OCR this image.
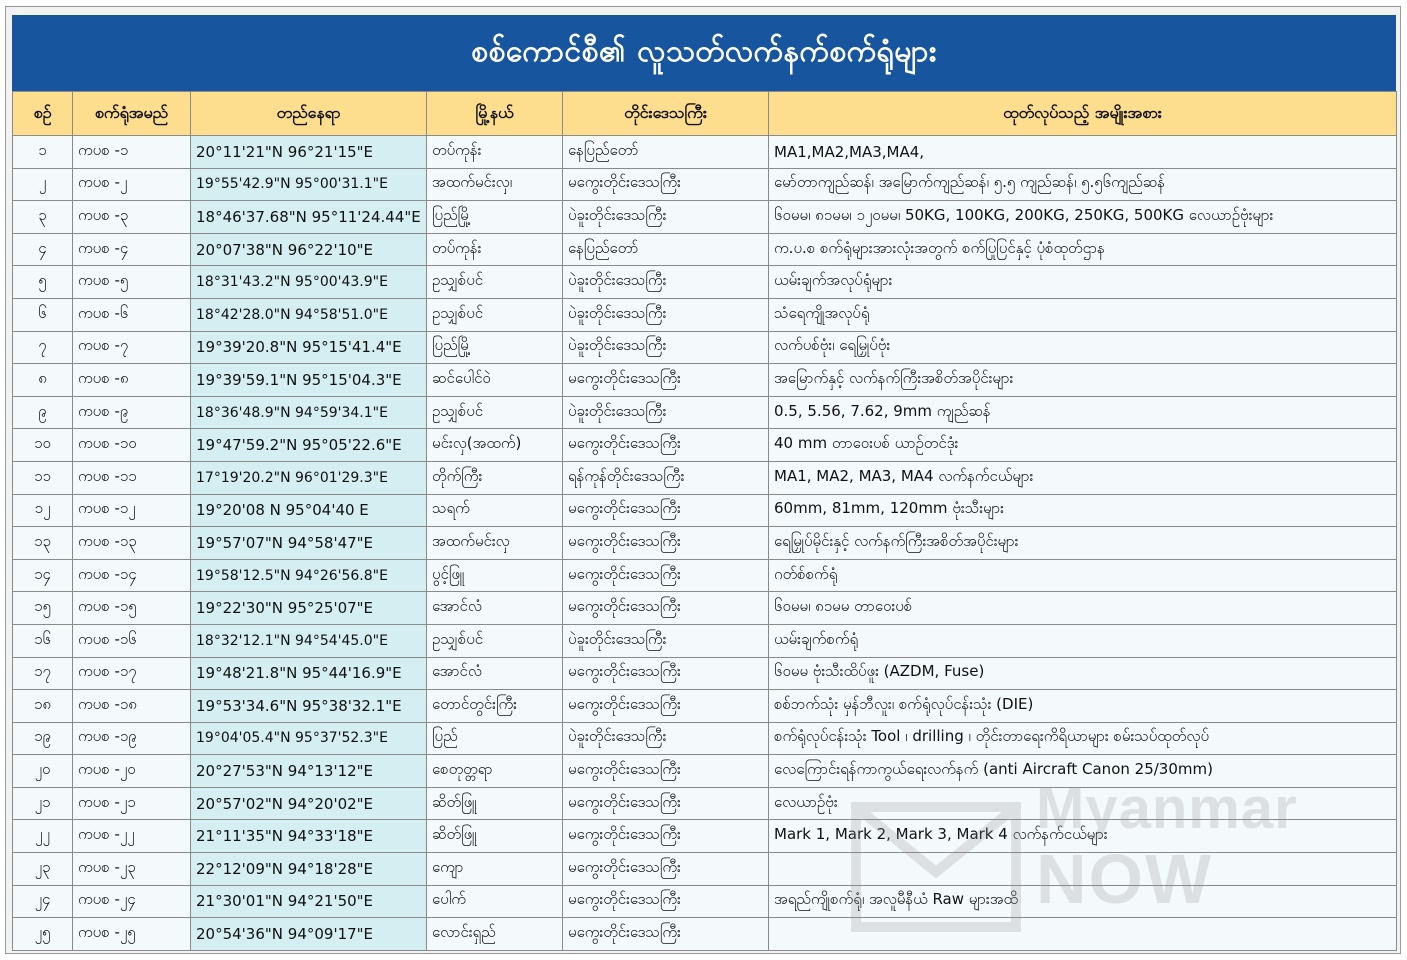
စစ်ကောင်စီ၏ လူသတ်လက်နက်စက်ရုံများ
စဉ်	စက်ရုံအမည်	တည်နေရာ	မြို့နယ်	တိုင်းဒေသကြီး	ထုတ်လုပ်သည့် အမျိုးအစား
၁	ကပစ -၁	20°11'21"N 96°21'15"E	တပ်ကုန်း	နေပြည်တော်	MA1,MA2,MA3,MA4,
၂	ကပစ -၂	19°55'42.9"N 95°00'31.1"E	အထက်မင်းလှ၊	မကွေးတိုင်းဒေသကြီး	မော်တာကျည်ဆန်၊ အမြောက်ကျည်ဆန်၊ ၅.၅ ကျည်ဆန်၊ ၅.၅၆ကျည်ဆန်
၃	ကပစ -၃	18°46'37.68"N 95°11'24.44"E	ပြည်မြို့	ပဲခူးတိုင်းဒေသကြီး	၆၀မမ၊ ၈၁မမ၊ ၁၂၀မမ၊ 50KG, 100KG, 200KG, 250KG, 500KG လေယာဉ်ဗုံးများ
၄	ကပစ -၄	20°07'38"N 96°22'10"E	တပ်ကုန်း	နေပြည်တော်	က.ပ.စ စက်ရုံများအားလုံးအတွက် စက်ပြုပြင်နှင့် ပုံစံထုတ်ဌာန
၅	ကပစ -၅	18°31'43.2"N 95°00'43.9"E	ဥသျှစ်ပင်	ပဲခူးတိုင်းဒေသကြီး	ယမ်းချက်အလုပ်ရုံများ
၆	ကပစ -၆	18°42'28.0"N 94°58'51.0"E	ဥသျှစ်ပင်	ပဲခူးတိုင်းဒေသကြီး	သံရေကျိုအလုပ်ရုံ
၇	ကပစ -၇	19°39'20.8"N 95°15'41.4"E	ပြည်မြို့	ပဲခူးတိုင်းဒေသကြီး	လက်ပစ်ဗုံး၊ ရေမြှုပ်ဗုံး
၈	ကပစ -၈	19°39'59.1"N 95°15'04.3"E	ဆင်ပေါင်ဝဲ	မကွေးတိုင်းဒေသကြီး	အမြောက်နှင့် လက်နက်ကြီးအစိတ်အပိုင်းများ
၉	ကပစ -၉	18°36'48.9"N 94°59'34.1"E	ဥသျှစ်ပင်	ပဲခူးတိုင်းဒေသကြီး	0.5, 5.56, 7.62, 9mm ကျည်ဆန်
၁၀	ကပစ -၁၀	19°47'59.2"N 95°05'22.6"E	မင်းလှ(အထက်)	မကွေးတိုင်းဒေသကြီး	40 mm တာဝေးပစ် ယာဉ်တင်ဒုံး
၁၁	ကပစ -၁၁	17°19'20.2"N 96°01'29.3"E	တိုက်ကြီး	ရန်ကုန်တိုင်းဒေသကြီး	MA1, MA2, MA3, MA4 လက်နက်ငယ်များ
၁၂	ကပစ -၁၂	19°20'08 N 95°04'40 E	သရက်	မကွေးတိုင်းဒေသကြီး	60mm, 81mm, 120mm ဗုံးသီးများ
၁၃	ကပစ -၁၃	19°57'07"N 94°58'47"E	အထက်မင်းလှ	မကွေးတိုင်းဒေသကြီး	ရေမြှုပ်မိုင်းနှင့် လက်နက်ကြီးအစိတ်အပိုင်းများ
၁၄	ကပစ -၁၄	19°58'12.5"N 94°26'56.8"E	ပွင့်ဖြူ	မကွေးတိုင်းဒေသကြီး	ဂတ်စ်စက်ရုံ
၁၅	ကပစ -၁၅	19°22'30"N 95°25'07"E	အောင်လံ	မကွေးတိုင်းဒေသကြီး	၆၀မမ၊ ၈၁မမ တာဝေးပစ်
၁၆	ကပစ -၁၆	18°32'12.1"N 94°54'45.0"E	ဥသျှစ်ပင်	ပဲခူးတိုင်းဒေသကြီး	ယမ်းချက်စက်ရုံ
၁၇	ကပစ -၁၇	19°48'21.8"N 95°44'16.9"E	အောင်လံ	မကွေးတိုင်းဒေသကြီး	၆၀မမ ဗုံးသီးထိပ်ဖူး (AZDM, Fuse)
၁၈	ကပစ -၁၈	19°53'34.6"N 95°38'32.1"E	တောင်တွင်းကြီး	မကွေးတိုင်းဒေသကြီး	စစ်ဘက်သုံး မှန်ဘီလူး၊ စက်ရုံလုပ်ငန်းသုံး (DIE)
၁၉	ကပစ -၁၉	19°04'05.4"N 95°37'52.3"E	ပြည်	ပဲခူးတိုင်းဒေသကြီး	စက်ရုံလုပ်ငန်းသုံး Tool ၊ drilling ၊ တိုင်းတာရေးကိရိယာများ စမ်းသပ်ထုတ်လုပ်
၂၀	ကပစ -၂၀	20°27'53"N 94°13'12"E	စေတုတ္တရာ	မကွေးတိုင်းဒေသကြီး	လေကြောင်းရန်ကာကွယ်ရေးလက်နက် (anti Aircraft Canon 25/30mm)
၂၁	ကပစ -၂၁	20°57'02"N 94°20'02"E	ဆိတ်ဖြူ	မကွေးတိုင်းဒေသကြီး	လေယာဉ်ဗုံး
၂၂	ကပစ -၂၂	21°11'35"N 94°33'18"E	ဆိတ်ဖြူ	မကွေးတိုင်းဒေသကြီး	Mark 1, Mark 2, Mark 3, Mark 4 လက်နက်ငယ်များ
၂၃	ကပစ -၂၃	22°12'09"N 94°18'28"E	ကျော	မကွေးတိုင်းဒေသကြီး	
၂၄	ကပစ -၂၄	21°30'01"N 94°21'50"E	ပေါက်	မကွေးတိုင်းဒေသကြီး	အရည်ကျိုစက်ရုံ၊ အလူမီနီယံ Raw များအထိ
၂၅	ကပစ -၂၅	20°54'36"N 94°09'17"E	လောင်းရှည်	မကွေးတိုင်းဒေသကြီး	
Myanmar
NOW
